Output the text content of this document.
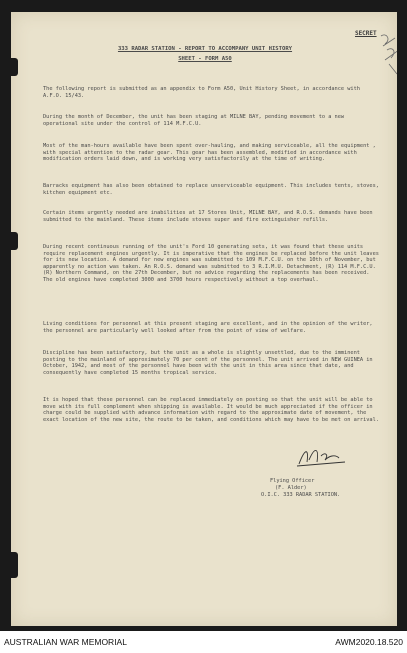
SECRET
333 RADAR STATION - REPORT TO ACCOMPANY UNIT HISTORY
SHEET - FORM A50

The following report is submitted as an appendix to Form A50, Unit History Sheet, in accordance with A.F.O. 15/43.

During the month of December, the unit has been staging at MILNE BAY, pending movement to a new operational site under the control of 114 M.F.C.U.

Most of the man-hours available have been spent over-hauling, and making serviceable, all the equipment , with special attention to the radar gear. This gear has been assembled, modified in accordance with modification orders laid down, and is working very satisfactorily at the time of writing.

Barracks equipment has also been obtained to replace unserviceable equipment. This includes tents, stoves, kitchen equipment etc.

Certain items urgently needed are inabilities at 17 Stores Unit, MILNE BAY, and R.O.S. demands have been submitted to the mainland. These items include stoves super and fire extinguisher refills.

During recent continuous running of the unit's Ford 10 generating sets, it was found that these units require replacement engines urgently. It is imperative that the engines be replaced before the unit leaves for its new location. A demand for new engines was submitted to 109 M.F.C.U. on the 10th of November, but apparently no action was taken. An R.O.S. demand was submitted to 3 R.I.M.U. Detachment, (R) 114 M.F.C.U. (R) Northern Command, on the 27th December, but no advice regarding the replacements has been received. The old engines have completed 3000 and 3700 hours respectively without a top overhaul.

Living conditions for personnel at this present staging are excellent, and in the opinion of the writer, the personnel are particularly well looked after from the point of view of welfare.

Discipline has been satisfactory, but the unit as a whole is slightly unsettled, due to the imminent posting to the mainland of approximately 70 per cent of the personnel. The unit arrived in NEW GUINEA in October, 1942, and most of the personnel have been with the unit in this area since that date, and consequently have completed 15 months tropical service.

It is hoped that these personnel can be replaced immediately on posting so that the unit will be able to move with its full complement when shipping is available. It would be much appreciated if the officer in charge could be supplied with advance information with regard to the approximate date of movement, the exact location of the new site, the route to be taken, and conditions which may have to be met on arrival.

Flying Officer
(F. Alder)
O.I.C. 333 RADAR STATION.
AUSTRALIAN WAR MEMORIAL	AWM2020.18.520
